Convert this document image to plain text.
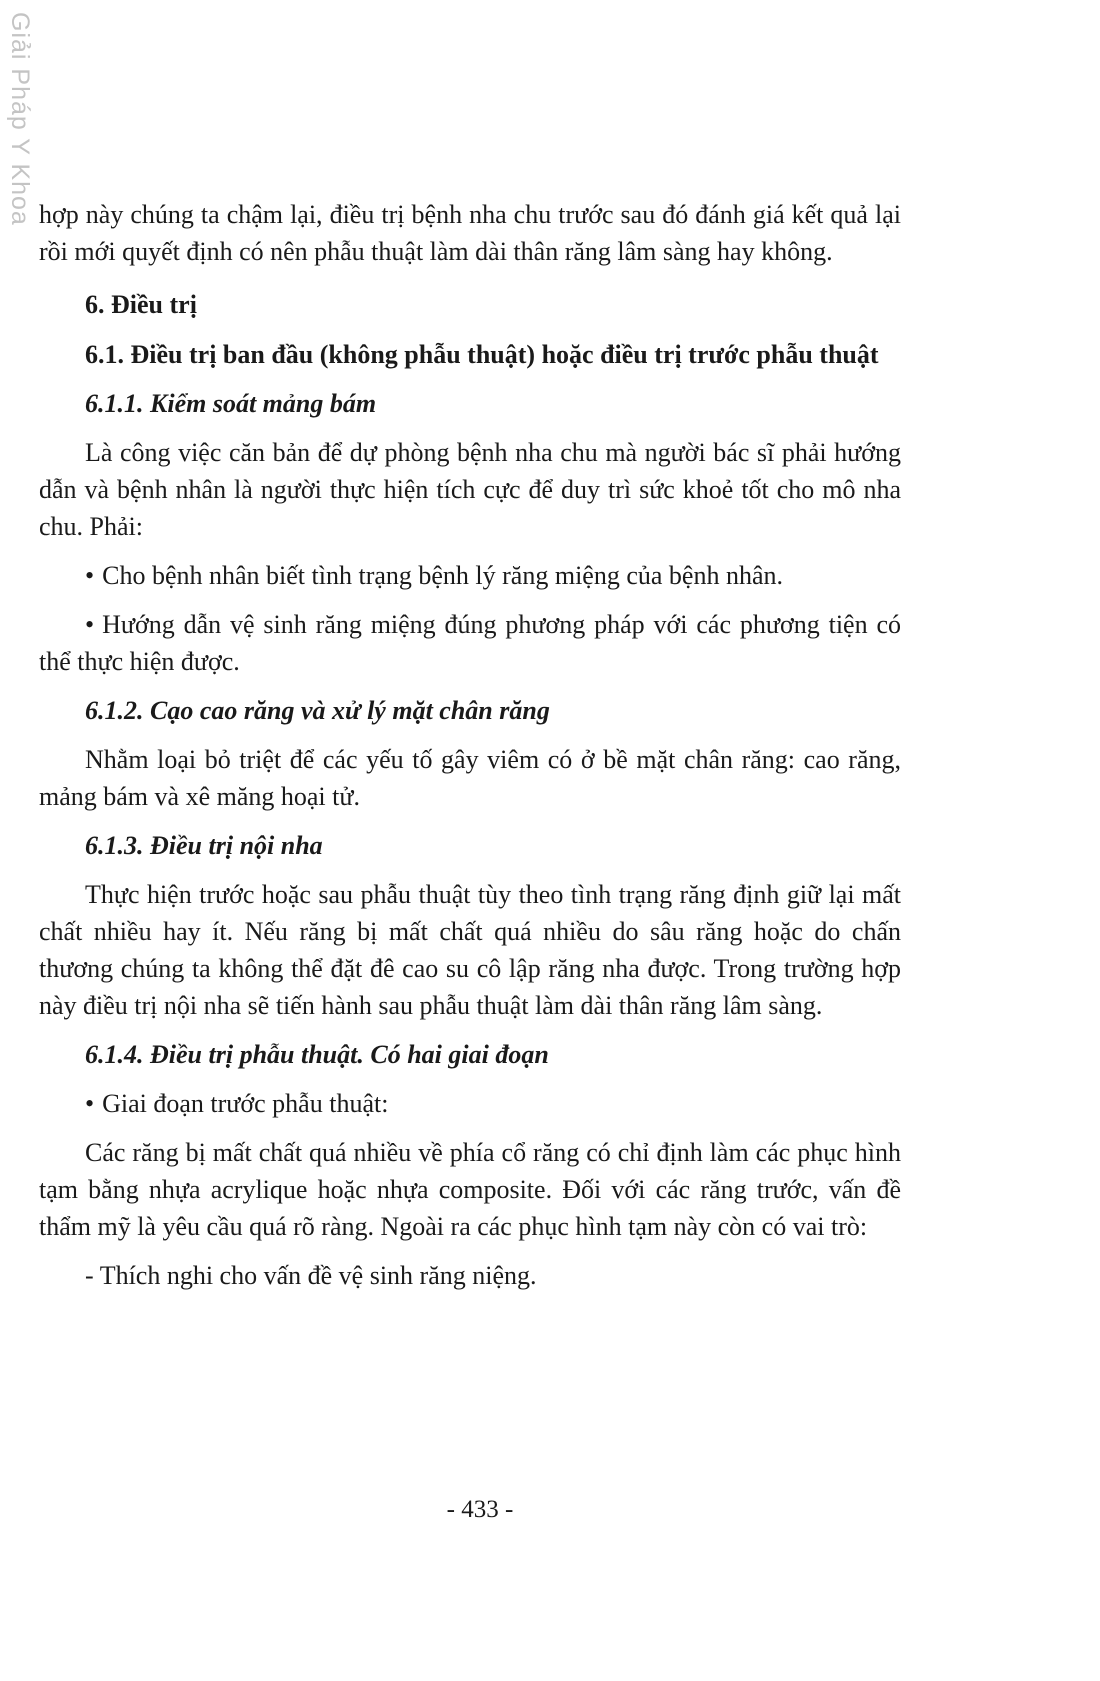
Giải Pháp Y Khoa hợp này chúng ta chậm lại, điều trị bệnh nha chu trước sau đó đánh giá kết quả lại rồi mới quyết định có nên phẫu thuật làm dài thân răng lâm sàng hay không.

6. Điều trị

6.1. Điều trị ban đầu (không phẫu thuật) hoặc điều trị trước phẫu thuật

6.1.1. Kiểm soát mảng bám

Là công việc căn bản để dự phòng bệnh nha chu mà người bác sĩ phải hướng dẫn và bệnh nhân là người thực hiện tích cực để duy trì sức khoẻ tốt cho mô nha chu. Phải:

• Cho bệnh nhân biết tình trạng bệnh lý răng miệng của bệnh nhân.

• Hướng dẫn vệ sinh răng miệng đúng phương pháp với các phương tiện có thể thực hiện được.

6.1.2. Cạo cao răng và xử lý mặt chân răng

Nhằm loại bỏ triệt để các yếu tố gây viêm có ở bề mặt chân răng: cao răng, mảng bám và xê măng hoại tử.

6.1.3. Điều trị nội nha

Thực hiện trước hoặc sau phẫu thuật tùy theo tình trạng răng định giữ lại mất chất nhiều hay ít. Nếu răng bị mất chất quá nhiều do sâu răng hoặc do chấn thương chúng ta không thể đặt đê cao su cô lập răng nha được. Trong trường hợp này điều trị nội nha sẽ tiến hành sau phẫu thuật làm dài thân răng lâm sàng.

6.1.4. Điều trị phẫu thuật. Có hai giai đoạn

• Giai đoạn trước phẫu thuật:

Các răng bị mất chất quá nhiều về phía cổ răng có chỉ định làm các phục hình tạm bằng nhựa acrylique hoặc nhựa composite. Đối với các răng trước, vấn đề thẩm mỹ là yêu cầu quá rõ ràng. Ngoài ra các phục hình tạm này còn có vai trò:

- Thích nghi cho vấn đề vệ sinh răng niệng.

- 433 -
